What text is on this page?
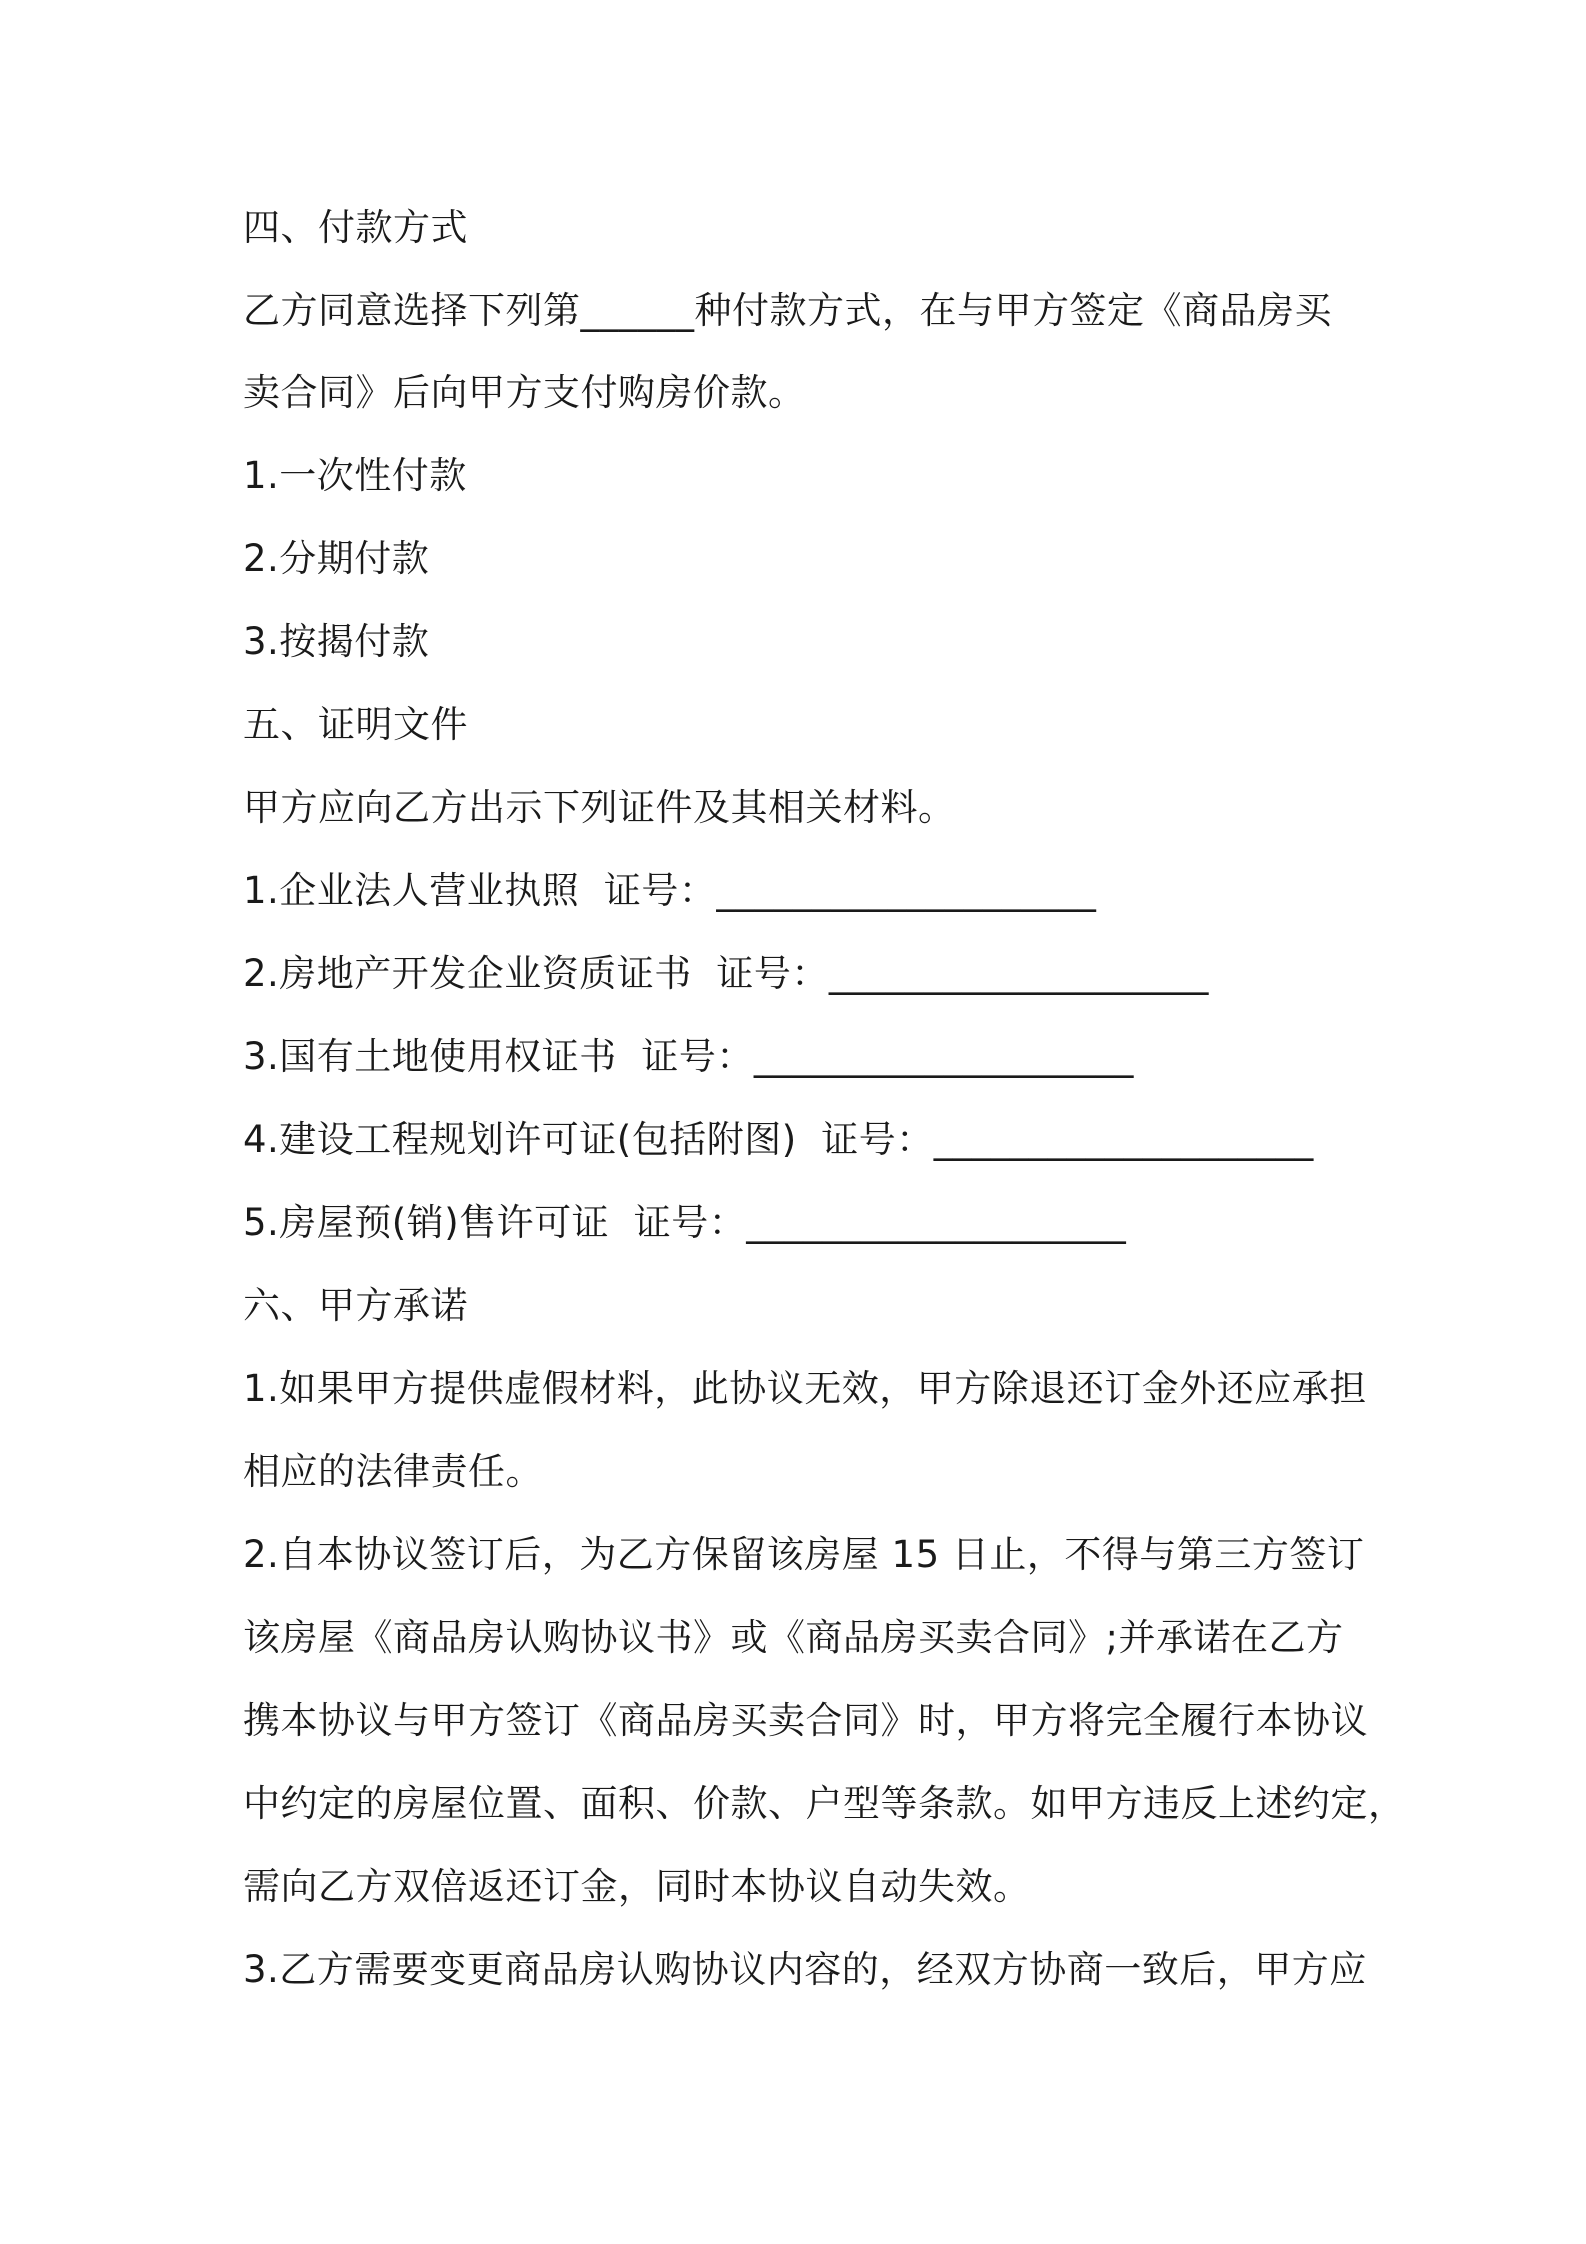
四、付款方式
乙方同意选择下列第______种付款方式，在与甲方签定《商品房买
卖合同》后向甲方支付购房价款。
1.一次性付款
2.分期付款
3.按揭付款
五、证明文件
甲方应向乙方出示下列证件及其相关材料。
1.企业法人营业执照  证号：____________________
2.房地产开发企业资质证书  证号：____________________
3.国有土地使用权证书  证号：____________________
4.建设工程规划许可证(包括附图)  证号：____________________
5.房屋预(销)售许可证  证号：____________________
六、甲方承诺
1.如果甲方提供虚假材料，此协议无效，甲方除退还订金外还应承担
相应的法律责任。
2.自本协议签订后，为乙方保留该房屋 15 日止，不得与第三方签订
该房屋《商品房认购协议书》或《商品房买卖合同》;并承诺在乙方
携本协议与甲方签订《商品房买卖合同》时，甲方将完全履行本协议
中约定的房屋位置、面积、价款、户型等条款。如甲方违反上述约定，
需向乙方双倍返还订金，同时本协议自动失效。
3.乙方需要变更商品房认购协议内容的，经双方协商一致后，甲方应
